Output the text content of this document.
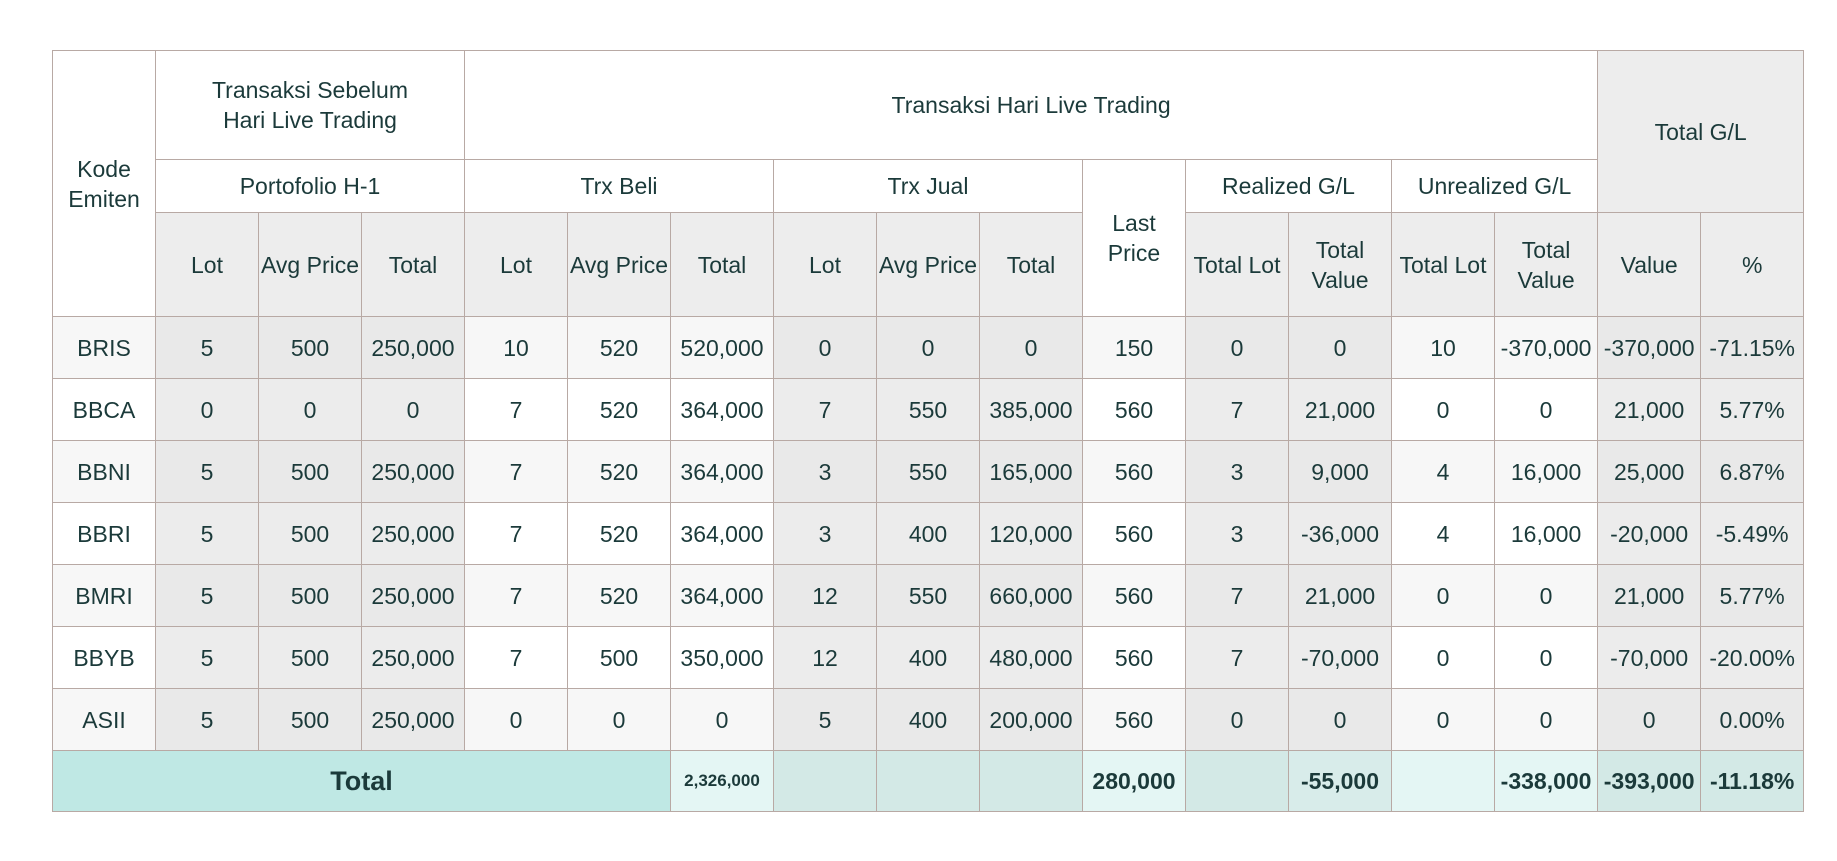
Kode Emiten	Transaksi Sebelum Hari Live Trading			Transaksi Hari Live Trading											Total G/L	
	Portofolio H-1			Trx Beli			Trx Jual			Last Price	Realized G/L		Unrealized G/L			
	Lot	Avg Price	Total	Lot	Avg Price	Total	Lot	Avg Price	Total		Total Lot	Total Value	Total Lot	Total Value	Value	%
BRIS	5	500	250,000	10	520	520,000	0	0	0	150	0	0	10	-370,000	-370,000	-71.15%
BBCA	0	0	0	7	520	364,000	7	550	385,000	560	7	21,000	0	0	21,000	5.77%
BBNI	5	500	250,000	7	520	364,000	3	550	165,000	560	3	9,000	4	16,000	25,000	6.87%
BBRI	5	500	250,000	7	520	364,000	3	400	120,000	560	3	-36,000	4	16,000	-20,000	-5.49%
BMRI	5	500	250,000	7	520	364,000	12	550	660,000	560	7	21,000	0	0	21,000	5.77%
BBYB	5	500	250,000	7	500	350,000	12	400	480,000	560	7	-70,000	0	0	-70,000	-20.00%
ASII	5	500	250,000	0	0	0	5	400	200,000	560	0	0	0	0	0	0.00%
Total						2,326,000				280,000		-55,000		-338,000	-393,000	-11.18%
